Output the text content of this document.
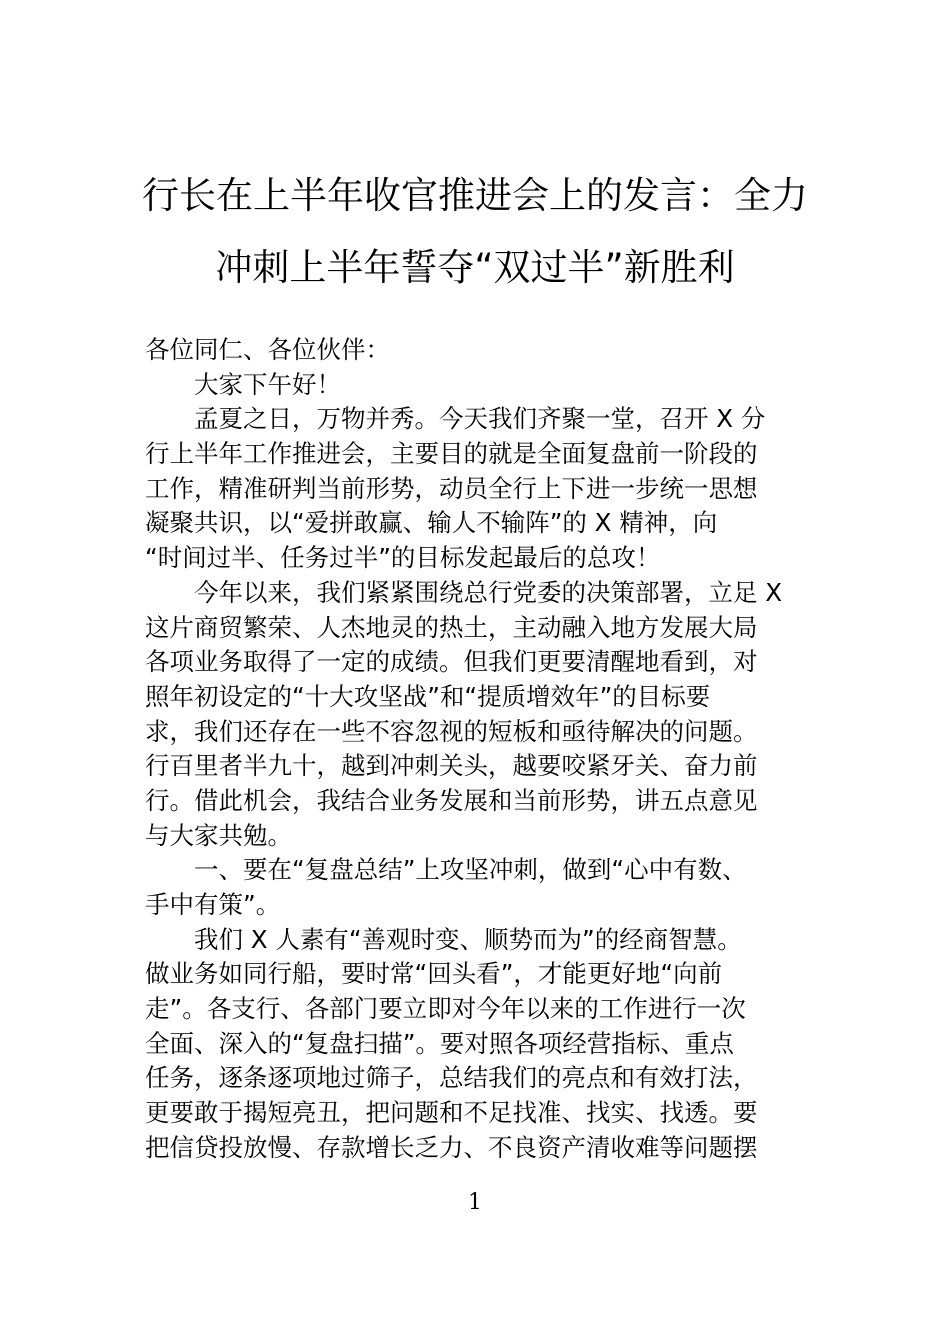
行长在上半年收官推进会上的发言：全力
冲刺上半年誓夺“双过半”新胜利
各位同仁、各位伙伴：
大家下午好！
孟夏之日，万物并秀。今天我们齐聚一堂，召开 X 分
行上半年工作推进会，主要目的就是全面复盘前一阶段的
工作，精准研判当前形势，动员全行上下进一步统一思想
凝聚共识，以“爱拼敢赢、输人不输阵”的 X 精神，向
“时间过半、任务过半”的目标发起最后的总攻！
今年以来，我们紧紧围绕总行党委的决策部署，立足 X
这片商贸繁荣、人杰地灵的热土，主动融入地方发展大局
各项业务取得了一定的成绩。但我们更要清醒地看到，对
照年初设定的“十大攻坚战”和“提质增效年”的目标要
求，我们还存在一些不容忽视的短板和亟待解决的问题。
行百里者半九十，越到冲刺关头，越要咬紧牙关、奋力前
行。借此机会，我结合业务发展和当前形势，讲五点意见
与大家共勉。
一、要在“复盘总结”上攻坚冲刺，做到“心中有数、
手中有策”。
我们 X 人素有“善观时变、顺势而为”的经商智慧。
做业务如同行船，要时常“回头看”，才能更好地“向前
走”。各支行、各部门要立即对今年以来的工作进行一次
全面、深入的“复盘扫描”。要对照各项经营指标、重点
任务，逐条逐项地过筛子，总结我们的亮点和有效打法，
更要敢于揭短亮丑，把问题和不足找准、找实、找透。要
把信贷投放慢、存款增长乏力、不良资产清收难等问题摆
1
